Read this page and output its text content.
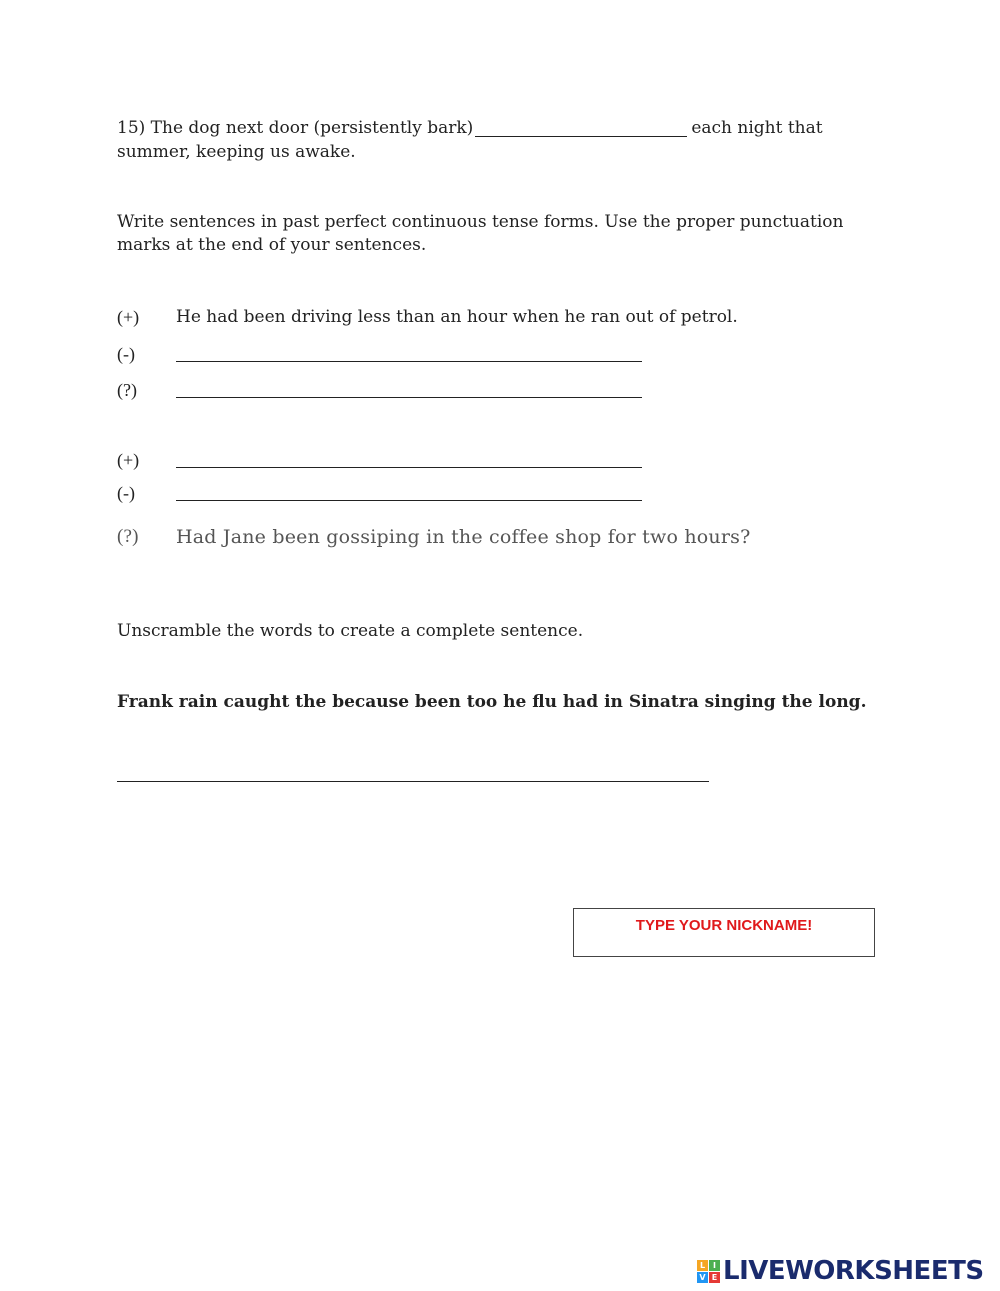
15) The dog next door (persistently bark)	each night that
summer, keeping us awake.
Write sentences in past perfect continuous tense forms. Use the proper punctuation marks at the end of your sentences.
(+) He had been driving less than an hour when he ran out of petrol.
(-)
(?)
(+)
(-)
(?) Had Jane been gossiping in the coffee shop for two hours?
Unscramble the words to create a complete sentence.
Frank rain caught the because been too he flu had in Sinatra singing the long.
TYPE YOUR NICKNAME!
L I
V E LIVEWORKSHEETS
